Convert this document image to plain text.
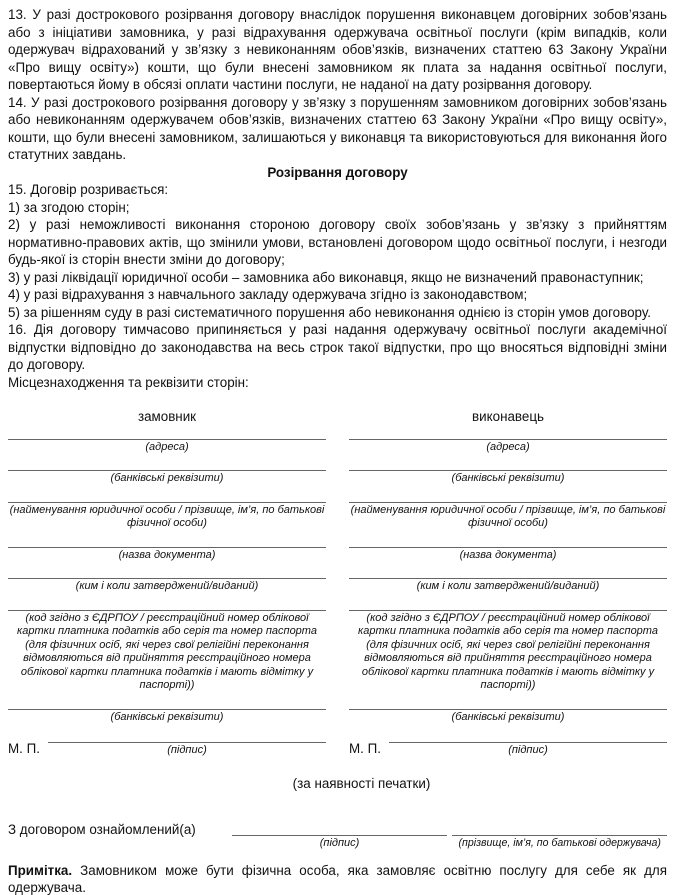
13. У разі дострокового розірвання договору внаслідок порушення виконавцем договірних зобов’язань або з ініціативи замовника, у разі відрахування одержувача освітньої послуги (крім випадків, коли одержувач відрахований у зв’язку з невиконанням обов’язків, визначених статтею 63 Закону України «Про вищу освіту») кошти, що були внесені замовником як плата за надання освітньої послуги, повертаються йому в обсязі оплати частини послуги, не наданої на дату розірвання договору.

14. У разі дострокового розірвання договору у зв’язку з порушенням замовником договірних зобов’язань або невиконанням одержувачем обов’язків, визначених статтею 63 Закону України «Про вищу освіту», кошти, що були внесені замовником, залишаються у виконавця та використовуються для виконання його статутних завдань.

Розірвання договору

15. Договір розривається:

1) за згодою сторін;

2) у разі неможливості виконання стороною договору своїх зобов’язань у зв’язку з прийняттям нормативно-правових актів, що змінили умови, встановлені договором щодо освітньої послуги, і незгоди будь-якої із сторін внести зміни до договору;

3) у разі ліквідації юридичної особи – замовника або виконавця, якщо не визначений правонаступник;

4) у разі відрахування з навчального закладу одержувача згідно із законодавством;

5) за рішенням суду в разі систематичного порушення або невиконання однією із сторін умов договору.

16. Дія договору тимчасово припиняється у разі надання одержувачу освітньої послуги академічної відпустки відповідно до законодавства на весь строк такої відпустки, про що вносяться відповідні зміни до договору.

Місцезнаходження та реквізити сторін:

замовник
(адреса)
(банківські реквізити)
(найменування юридичної особи / прізвище, ім’я, по батькові фізичної особи)
(назва документа)
(ким і коли затверджений/виданий)
(код згідно з ЄДРПОУ / реєстраційний номер облікової картки платника податків або серія та номер паспорта (для фізичних осіб, які через свої релігійні переконання відмовляються від прийняття реєстраційного номера облікової картки платника податків і мають відмітку у паспорті))
(банківські реквізити)
М. П.	(підпис)
виконавець
(адреса)
(банківські реквізити)
(найменування юридичної особи / прізвище, ім’я, по батькові фізичної особи)
(назва документа)
(ким і коли затверджений/виданий)
(код згідно з ЄДРПОУ / реєстраційний номер облікової картки платника податків або серія та номер паспорта (для фізичних осіб, які через свої релігійні переконання відмовляються від прийняття реєстраційного номера облікової картки платника податків і мають відмітку у паспорті))
(банківські реквізити)
М. П.	(підпис)
(за наявності печатки)
З договором ознайомлений(а)
(підпис)	(прізвище, ім’я, по батькові одержувача)

Примітка. Замовником може бути фізична особа, яка замовляє освітню послугу для себе як для одержувача.
